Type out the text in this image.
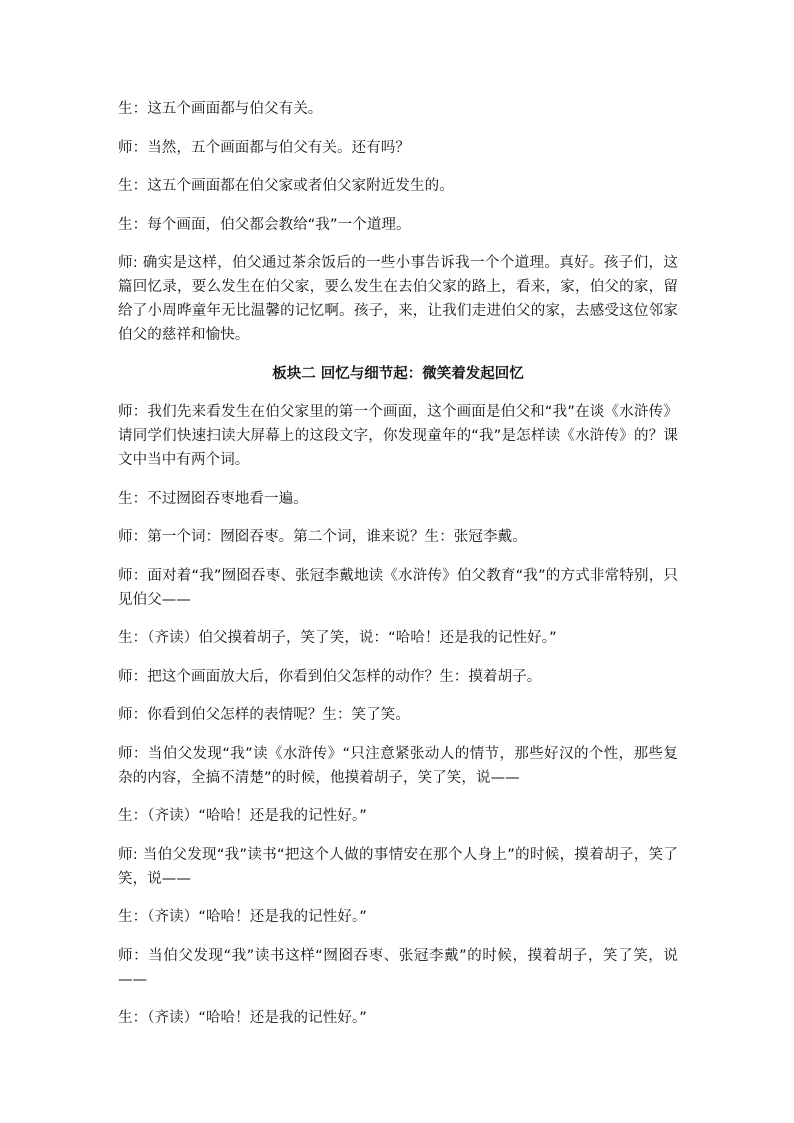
生：这五个画面都与伯父有关。

师：当然，五个画面都与伯父有关。还有吗？

生：这五个画面都在伯父家或者伯父家附近发生的。

生：每个画面，伯父都会教给“我”一个道理。

师: 确实是这样，伯父通过茶余饭后的一些小事告诉我一个个道理。真好。孩子们，这篇回忆录，要么发生在伯父家，要么发生在去伯父家的路上，看来，家，伯父的家，留给了小周晔童年无比温馨的记忆啊。孩子，来，让我们走进伯父的家，去感受这位邻家伯父的慈祥和愉快。

板块二 回忆与细节起：微笑着发起回忆

师：我们先来看发生在伯父家里的第一个画面，这个画面是伯父和“我”在谈《水浒传》请同学们快速扫读大屏幕上的这段文字，你发现童年的“我”是怎样读《水浒传》的？课文中当中有两个词。

生：不过囫囵吞枣地看一遍。

师：第一个词：囫囵吞枣。第二个词，谁来说？生：张冠李戴。

师：面对着“我”囫囵吞枣、张冠李戴地读《水浒传》伯父教育“我”的方式非常特别，只见伯父——

生：（齐读）伯父摸着胡子，笑了笑，说：“哈哈！还是我的记性好。”

师：把这个画面放大后，你看到伯父怎样的动作？生：摸着胡子。

师：你看到伯父怎样的表情呢？生：笑了笑。

师：当伯父发现“我”读《水浒传》“只注意紧张动人的情节，那些好汉的个性，那些复杂的内容，全搞不清楚”的时候，他摸着胡子，笑了笑，说——

生：（齐读）“哈哈！还是我的记性好。”

师: 当伯父发现“我”读书“把这个人做的事情安在那个人身上”的时候，摸着胡子，笑了笑，说——

生：（齐读）“哈哈！还是我的记性好。”

师：当伯父发现“我”读书这样“囫囵吞枣、张冠李戴”的时候，摸着胡子，笑了笑，说——

生：（齐读）“哈哈！还是我的记性好。”
